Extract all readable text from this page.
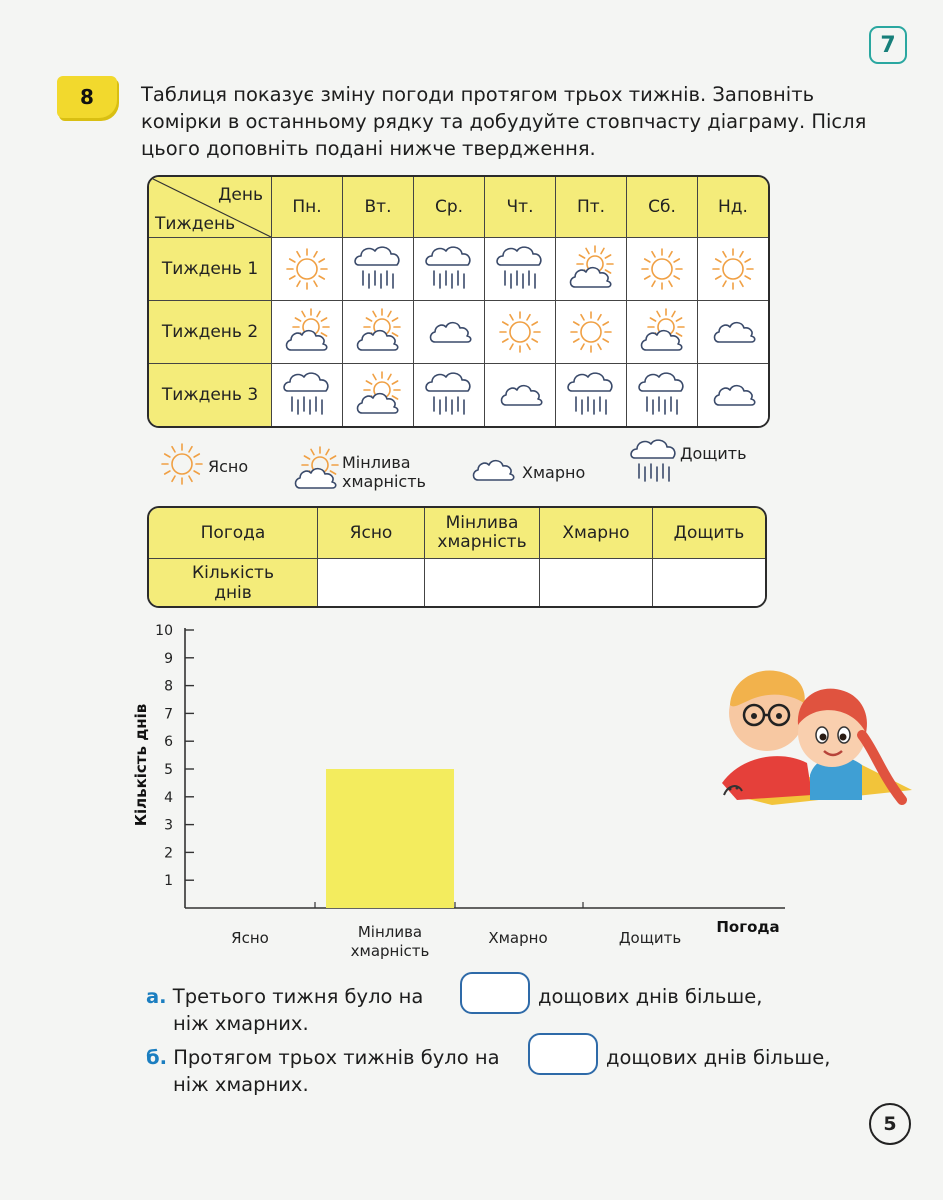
7
8 Таблиця показує зміну погоди протягом трьох тижнів. Заповніть комірки в останньому рядку та добудуйте стовпчасту діаграму. Після цього доповніть подані нижче твердження.
День
Тиждень	Пн.	Вт.	Ср.	Чт.	Пт.	Сб.	Нд.
Тиждень 1	

Тиждень 2	

Тиждень 3	

Ясно	Мінлива хмарність	Хмарно
Дощить
Погода	Ясно	Мінлива хмарність	Хмарно	Дощить
Кількість днів				
1
2
3
4
5
6
7
8
9
10
Ясно	Мінлива хмарність
Хмарно	Дощить
Погода
Кількість днів
а. Третього тижня було на	дощових днів більше,
ніж хмарних.
б. Протягом трьох тижнів було на	дощових днів більше,
ніж хмарних.
5
